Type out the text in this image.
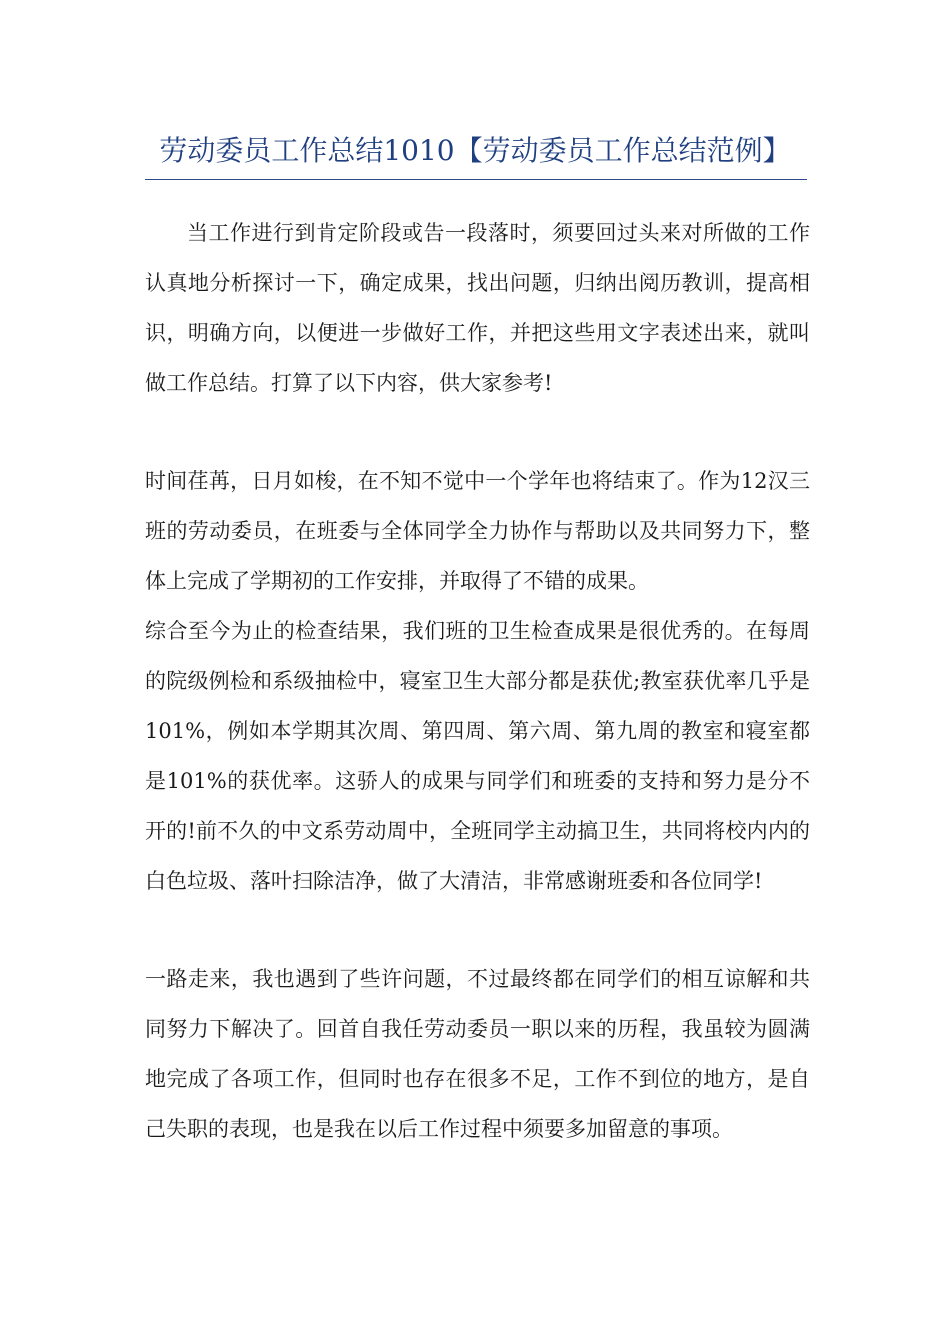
劳动委员工作总结1010【劳动委员工作总结范例】

当工作进行到肯定阶段或告一段落时，须要回过头来对所做的工作认真地分析探讨一下，确定成果，找出问题，归纳出阅历教训，提高相识，明确方向，以便进一步做好工作，并把这些用文字表述出来，就叫做工作总结。打算了以下内容，供大家参考!

时间荏苒，日月如梭，在不知不觉中一个学年也将结束了。作为12汉三班的劳动委员，在班委与全体同学全力协作与帮助以及共同努力下，整体上完成了学期初的工作安排，并取得了不错的成果。

综合至今为止的检查结果，我们班的卫生检查成果是很优秀的。在每周的院级例检和系级抽检中，寝室卫生大部分都是获优;教室获优率几乎是101%，例如本学期其次周、第四周、第六周、第九周的教室和寝室都是101%的获优率。这骄人的成果与同学们和班委的支持和努力是分不开的!前不久的中文系劳动周中，全班同学主动搞卫生，共同将校内内的白色垃圾、落叶扫除洁净，做了大清洁，非常感谢班委和各位同学!

一路走来，我也遇到了些许问题，不过最终都在同学们的相互谅解和共同努力下解决了。回首自我任劳动委员一职以来的历程，我虽较为圆满地完成了各项工作，但同时也存在很多不足，工作不到位的地方，是自己失职的表现，也是我在以后工作过程中须要多加留意的事项。
